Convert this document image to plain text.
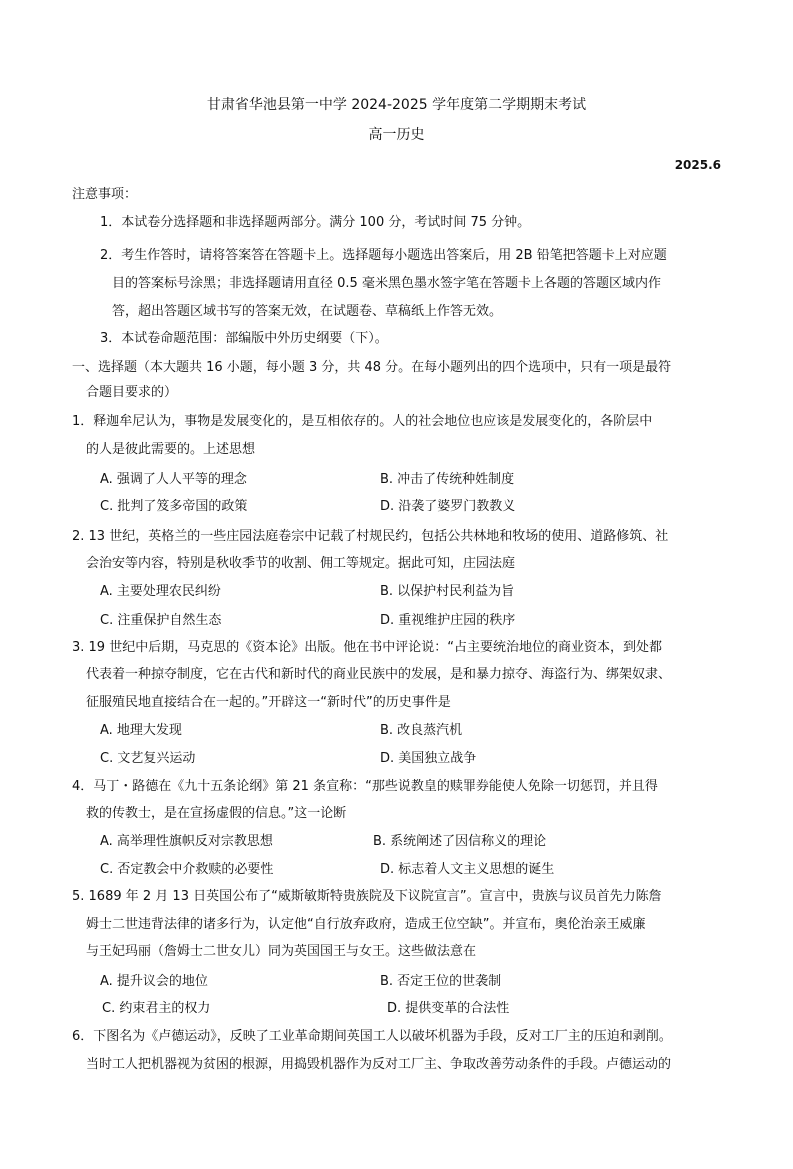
甘肃省华池县第一中学 2024-2025 学年度第二学期期末考试
高一历史
2025.6
注意事项：
1．本试卷分选择题和非选择题两部分。满分 100 分，考试时间 75 分钟。
2．考生作答时，请将答案答在答题卡上。选择题每小题选出答案后，用 2B 铅笔把答题卡上对应题
目的答案标号涂黑；非选择题请用直径 0.5 毫米黑色墨水签字笔在答题卡上各题的答题区域内作
答，超出答题区域书写的答案无效，在试题卷、草稿纸上作答无效。
3．本试卷命题范围：部编版中外历史纲要（下）。
一、选择题（本大题共 16 小题，每小题 3 分，共 48 分。在每小题列出的四个选项中，只有一项是最符
合题目要求的）
1．释迦牟尼认为，事物是发展变化的，是互相依存的。人的社会地位也应该是发展变化的，各阶层中
的人是彼此需要的。上述思想
A. 强调了人人平等的理念	B. 冲击了传统种姓制度
C. 批判了笈多帝国的政策	D. 沿袭了婆罗门教教义
2. 13 世纪，英格兰的一些庄园法庭卷宗中记载了村规民约，包括公共林地和牧场的使用、道路修筑、社
会治安等内容，特别是秋收季节的收割、佣工等规定。据此可知，庄园法庭
A. 主要处理农民纠纷	B. 以保护村民利益为旨
C. 注重保护自然生态	D. 重视维护庄园的秩序
3. 19 世纪中后期，马克思的《资本论》出版。他在书中评论说：“占主要统治地位的商业资本，到处都
代表着一种掠夺制度，它在古代和新时代的商业民族中的发展，是和暴力掠夺、海盗行为、绑架奴隶、
征服殖民地直接结合在一起的。”开辟这一“新时代”的历史事件是
A. 地理大发现	B. 改良蒸汽机
C. 文艺复兴运动	D. 美国独立战争
4．马丁・路德在《九十五条论纲》第 21 条宣称：“那些说教皇的赎罪券能使人免除一切惩罚，并且得
救的传教士，是在宣扬虚假的信息。”这一论断
A. 高举理性旗帜反对宗教思想	B. 系统阐述了因信称义的理论
C. 否定教会中介救赎的必要性	D. 标志着人文主义思想的诞生
5. 1689 年 2 月 13 日英国公布了“威斯敏斯特贵族院及下议院宣言”。宣言中，贵族与议员首先力陈詹
姆士二世违背法律的诸多行为，认定他“自行放弃政府，造成王位空缺”。并宣布，奥伦治亲王威廉
与王妃玛丽（詹姆士二世女儿）同为英国国王与女王。这些做法意在
A. 提升议会的地位	B. 否定王位的世袭制
C. 约束君主的权力	D. 提供变革的合法性
6．下图名为《卢德运动》，反映了工业革命期间英国工人以破坏机器为手段，反对工厂主的压迫和剥削。
当时工人把机器视为贫困的根源，用捣毁机器作为反对工厂主、争取改善劳动条件的手段。卢德运动的
